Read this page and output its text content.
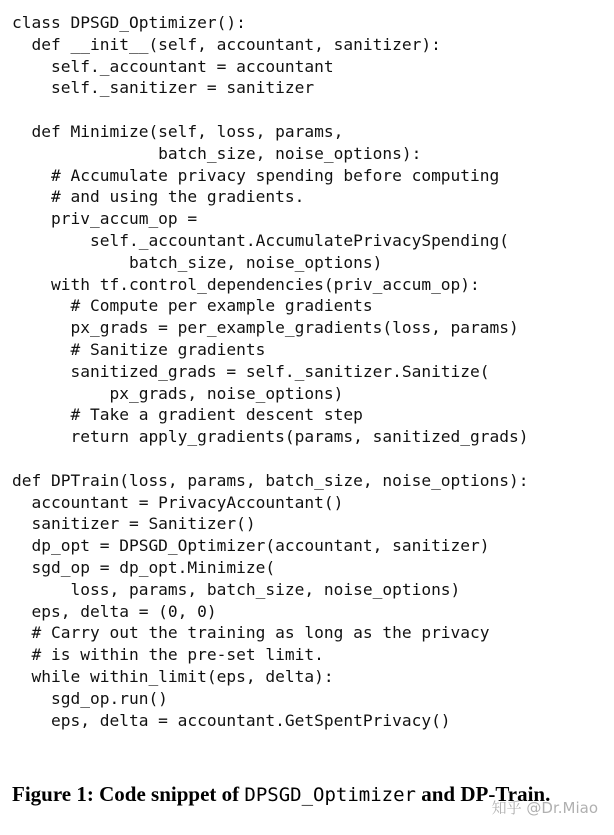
class DPSGD_Optimizer():
def __init__(self, accountant, sanitizer):
self._accountant = accountant
self._sanitizer = sanitizer
def Minimize(self, loss, params,
batch_size, noise_options):
# Accumulate privacy spending before computing
# and using the gradients.
priv_accum_op =
self._accountant.AccumulatePrivacySpending(
batch_size, noise_options)
with tf.control_dependencies(priv_accum_op):
# Compute per example gradients
px_grads = per_example_gradients(loss, params)
# Sanitize gradients
sanitized_grads = self._sanitizer.Sanitize(
px_grads, noise_options)
# Take a gradient descent step
return apply_gradients(params, sanitized_grads)
def DPTrain(loss, params, batch_size, noise_options):
accountant = PrivacyAccountant()
sanitizer = Sanitizer()
dp_opt = DPSGD_Optimizer(accountant, sanitizer)
sgd_op = dp_opt.Minimize(
loss, params, batch_size, noise_options)
eps, delta = (0, 0)
# Carry out the training as long as the privacy
# is within the pre-set limit.
while within_limit(eps, delta):
sgd_op.run()
eps, delta = accountant.GetSpentPrivacy()
Figure 1: Code snippet of DPSGD_Optimizer and DP-Train.
知乎 @Dr.Miao
